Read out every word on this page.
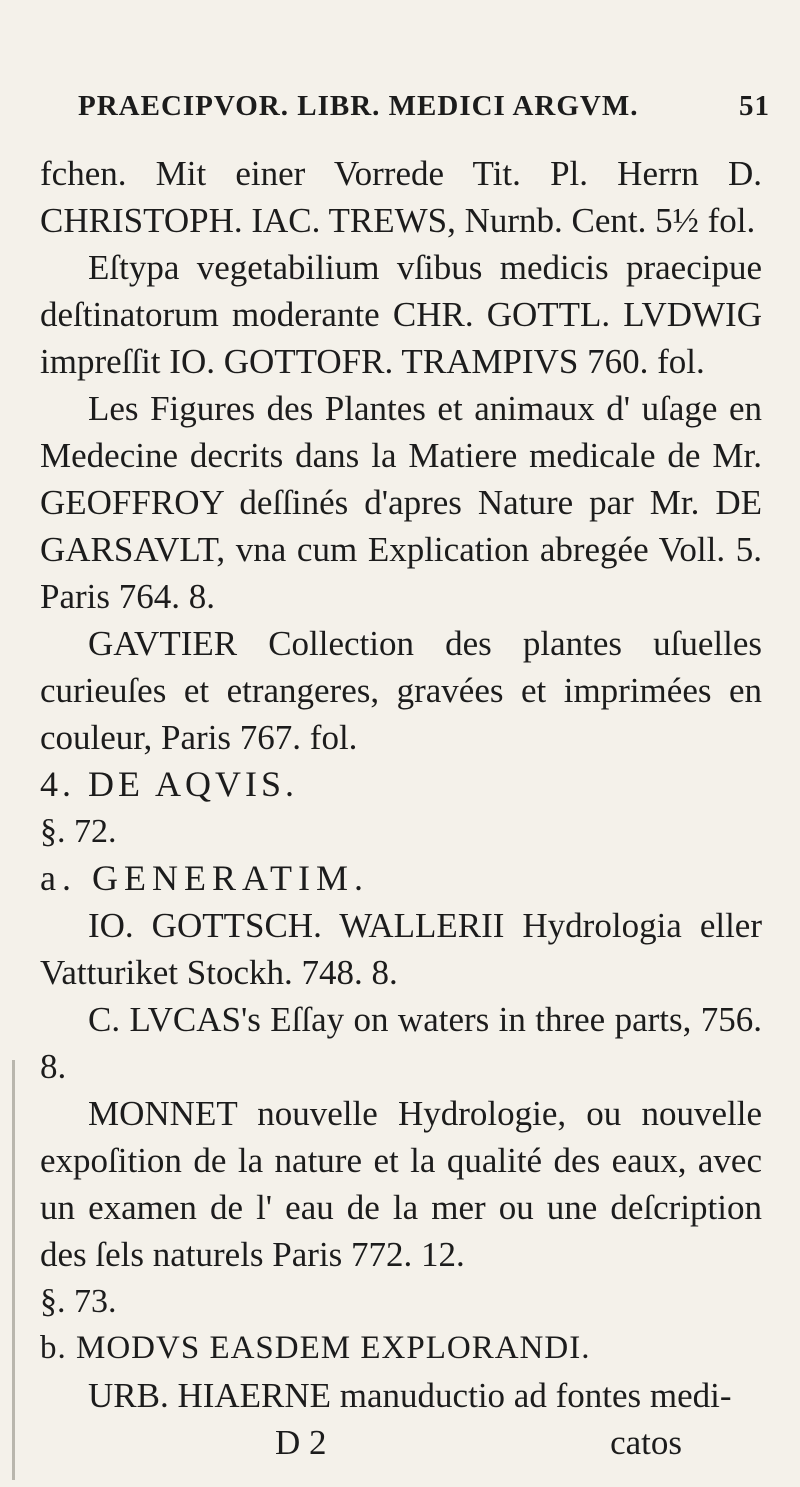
PRAECIPVOR. LIBR. MEDICI ARGVM.	51

fchen. Mit einer Vorrede Tit. Pl. Herrn D. CHRISTOPH. IAC. TREWS, Nurnb. Cent. 5½ fol.

Eſtypa vegetabilium vſibus medicis praecipue deſtinatorum moderante CHR. GOTTL. LVDWIG impreſſit IO. GOTTOFR. TRAMPIVS 760. fol.

Les Figures des Plantes et animaux d' uſage en Medecine decrits dans la Matiere medicale de Mr. GEOFFROY deſſinés d'apres Nature par Mr. DE GARSAVLT, vna cum Explication abregée Voll. 5. Paris 764. 8.

GAVTIER Collection des plantes uſuelles curieuſes et etrangeres, gravées et imprimées en couleur, Paris 767. fol.

4. DE AQVIS.

§. 72.

a. GENERATIM.

IO. GOTTSCH. WALLERII Hydrologia eller Vatturiket Stockh. 748. 8.

C. LVCAS's Eſſay on waters in three parts, 756. 8.

MONNET nouvelle Hydrologie, ou nouvelle expoſition de la nature et la qualité des eaux, avec un examen de l' eau de la mer ou une deſcription des ſels naturels Paris 772. 12.

§. 73.

b. MODVS EASDEM EXPLORANDI.

URB. HIAERNE manuductio ad fontes medi-

D 2	catos
